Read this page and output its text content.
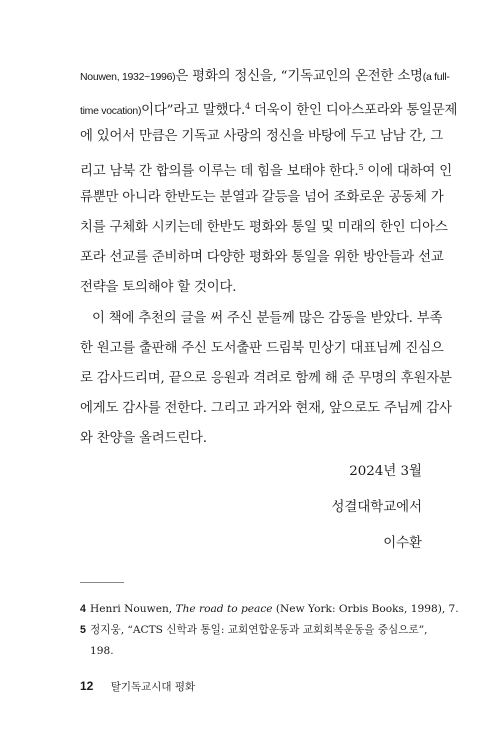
Nouwen, 1932~1996)은 평화의 정신을, “기독교인의 온전한 소명(a full-
time vocation)이다”라고 말했다.$^4$ 더욱이 한인 디아스포라와 통일문제
에 있어서 만큼은 기독교 사랑의 정신을 바탕에 두고 남남 간, 그
리고 남북 간 합의를 이루는 데 힘을 보태야 한다.$^5$ 이에 대하여 인
류뿐만 아니라 한반도는 분열과 갈등을 넘어 조화로운 공동체 가
치를 구체화 시키는데 한반도 평화와 통일 및 미래의 한인 디아스
포라 선교를 준비하며 다양한 평화와 통일을 위한 방안들과 선교
전략을 토의해야 할 것이다.
이 책에 추천의 글을 써 주신 분들께 많은 감동을 받았다. 부족
한 원고를 출판해 주신 도서출판 드림북 민상기 대표님께 진심으
로 감사드리며, 끝으로 응원과 격려로 함께 해 준 무명의 후원자분
에게도 감사를 전한다. 그리고 과거와 현재, 앞으로도 주님께 감사
와 찬양을 올려드린다.
2024년 3월
성결대학교에서
이수환
4 Henri Nouwen, The road to peace (New York: Orbis Books, 1998), 7.
5 정지웅, “ACTS 신학과 통일: 교회연합운동과 교회회복운동을 중심으로”,
198.
12 탈기독교시대 평화
